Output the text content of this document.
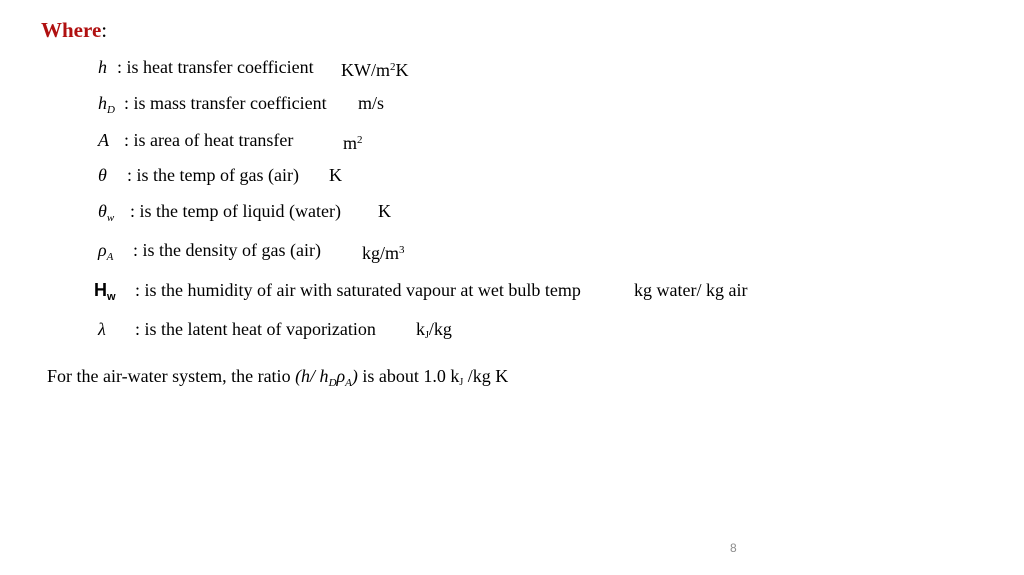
Where:
h : is heat transfer coefficient $KW/m^2K$
$h_D$ : is mass transfer coefficient m/s
A : is area of heat transfer	$m^2$
θ : is the temp of gas (air) K
$\theta_w$ : is the temp of liquid (water) K
$\rho_A$ : is the density of gas (air) $kg/m^3$
$H_w$ : is the humidity of air with saturated vapour at wet bulb temp	kg water/ kg air
λ : is the latent heat of vaporization $k_J/kg$
For the air-water system, the ratio (h/ $h_D\rho_A$) is about 1.0 $k_J$ /kg K
8
